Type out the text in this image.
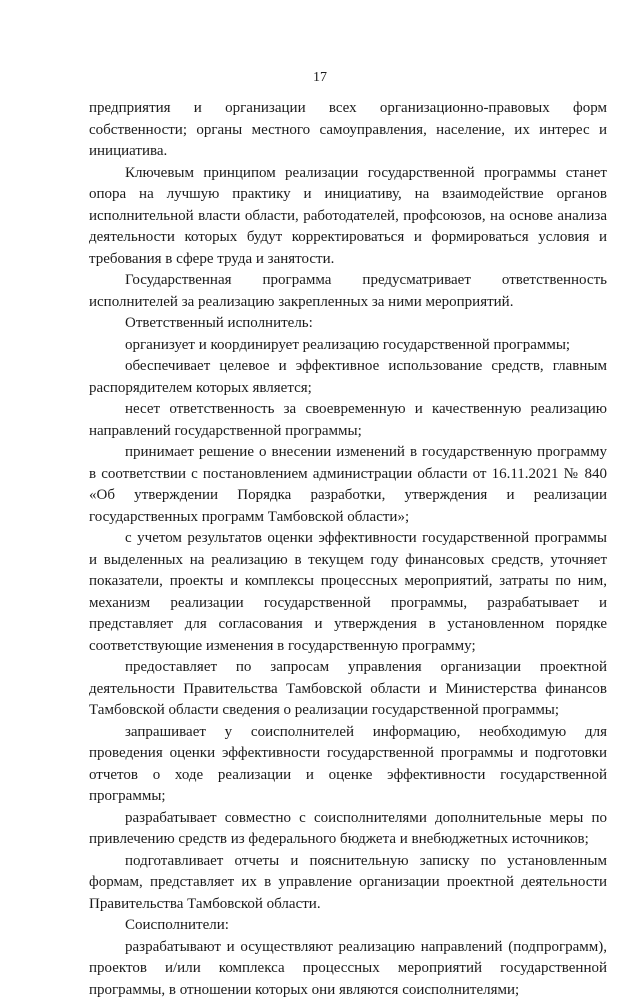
17

предприятия и организации всех организационно-правовых форм собственности; органы местного самоуправления, население, их интерес и инициатива.

Ключевым принципом реализации государственной программы станет опора на лучшую практику и инициативу, на взаимодействие органов исполнительной власти области, работодателей, профсоюзов, на основе анализа деятельности которых будут корректироваться и формироваться условия и требования в сфере труда и занятости.

Государственная программа предусматривает ответственность исполнителей за реализацию закрепленных за ними мероприятий.

Ответственный исполнитель:

организует и координирует реализацию государственной программы;

обеспечивает целевое и эффективное использование средств, главным распорядителем которых является;

несет ответственность за своевременную и качественную реализацию направлений государственной программы;

принимает решение о внесении изменений в государственную программу в соответствии с постановлением администрации области от 16.11.2021 № 840 «Об утверждении Порядка разработки, утверждения и реализации государственных программ Тамбовской области»;

с учетом результатов оценки эффективности государственной программы и выделенных на реализацию в текущем году финансовых средств, уточняет показатели, проекты и комплексы процессных мероприятий, затраты по ним, механизм реализации государственной программы, разрабатывает и представляет для согласования и утверждения в установленном порядке соответствующие изменения в государственную программу;

предоставляет по запросам управления организации проектной деятельности Правительства Тамбовской области и Министерства финансов Тамбовской области сведения о реализации государственной программы;

запрашивает у соисполнителей информацию, необходимую для проведения оценки эффективности государственной программы и подготовки отчетов о ходе реализации и оценке эффективности государственной программы;

разрабатывает совместно с соисполнителями дополнительные меры по привлечению средств из федерального бюджета и внебюджетных источников;

подготавливает отчеты и пояснительную записку по установленным формам, представляет их в управление организации проектной деятельности Правительства Тамбовской области.

Соисполнители:

разрабатывают и осуществляют реализацию направлений (подпрограмм), проектов и/или комплекса процессных мероприятий государственной программы, в отношении которых они являются соисполнителями;
